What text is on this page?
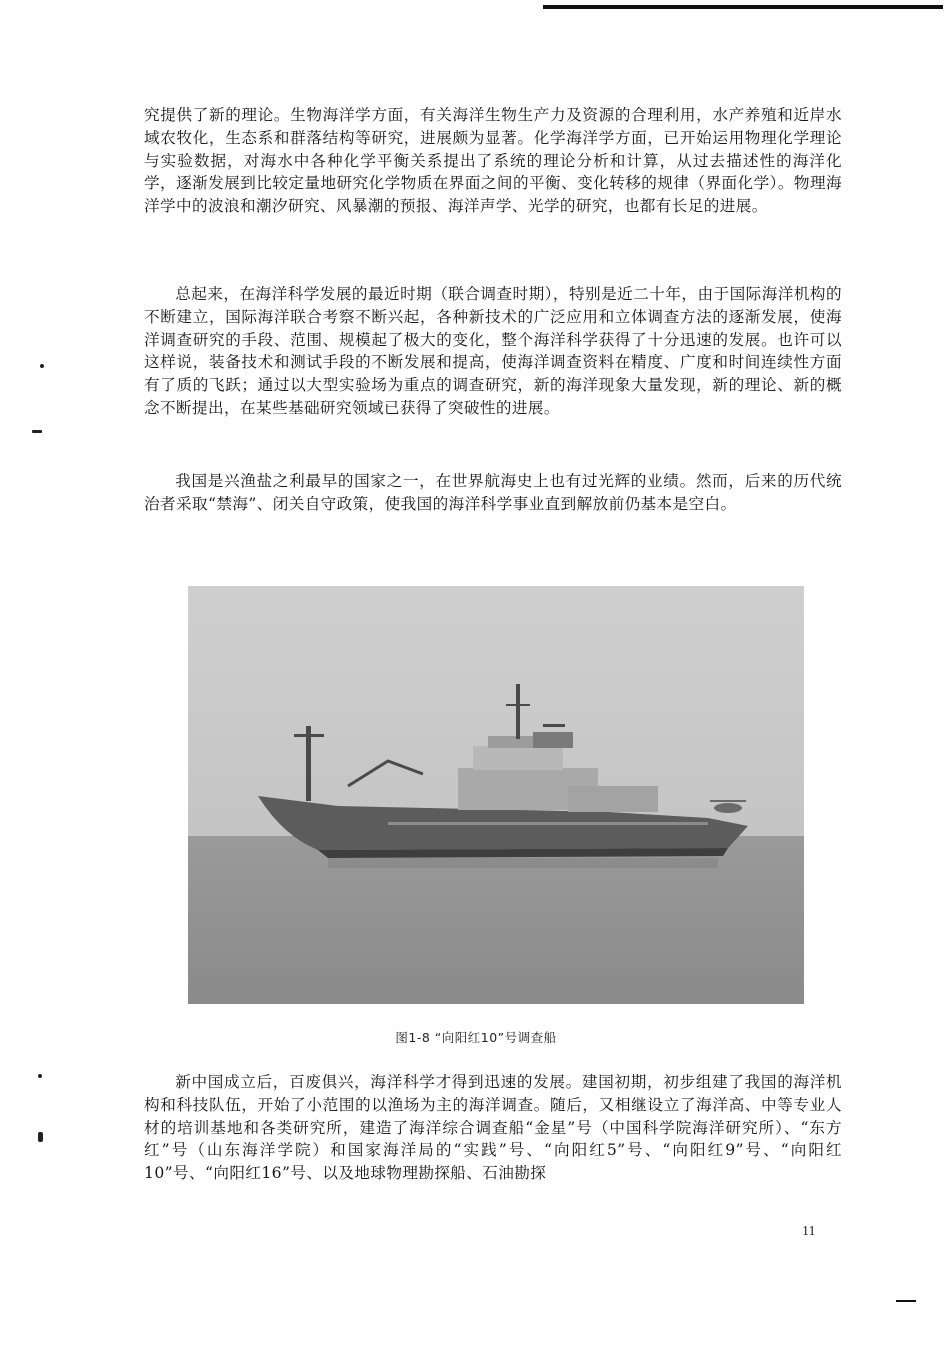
究提供了新的理论。生物海洋学方面，有关海洋生物生产力及资源的合理利用，水产养殖和近岸水域农牧化，生态系和群落结构等研究，进展颇为显著。化学海洋学方面，已开始运用物理化学理论与实验数据，对海水中各种化学平衡关系提出了系统的理论分析和计算，从过去描述性的海洋化学，逐渐发展到比较定量地研究化学物质在界面之间的平衡、变化转移的规律（界面化学）。物理海洋学中的波浪和潮汐研究、风暴潮的预报、海洋声学、光学的研究，也都有长足的进展。

总起来，在海洋科学发展的最近时期（联合调查时期），特别是近二十年，由于国际海洋机构的不断建立，国际海洋联合考察不断兴起，各种新技术的广泛应用和立体调查方法的逐渐发展，使海洋调查研究的手段、范围、规模起了极大的变化，整个海洋科学获得了十分迅速的发展。也许可以这样说，装备技术和测试手段的不断发展和提高，使海洋调查资料在精度、广度和时间连续性方面有了质的飞跃；通过以大型实验场为重点的调查研究，新的海洋现象大量发现，新的理论、新的概念不断提出，在某些基础研究领域已获得了突破性的进展。

我国是兴渔盐之利最早的国家之一，在世界航海史上也有过光辉的业绩。然而，后来的历代统治者采取“禁海”、闭关自守政策，使我国的海洋科学事业直到解放前仍基本是空白。

图1-8 “向阳红10”号调查船

新中国成立后，百废俱兴，海洋科学才得到迅速的发展。建国初期，初步组建了我国的海洋机构和科技队伍，开始了小范围的以渔场为主的海洋调查。随后，又相继设立了海洋高、中等专业人材的培训基地和各类研究所，建造了海洋综合调查船“金星”号（中国科学院海洋研究所）、“东方红”号（山东海洋学院）和国家海洋局的“实践”号、“向阳红5”号、“向阳红9”号、“向阳红10”号、“向阳红16”号、以及地球物理勘探船、石油勘探

11
